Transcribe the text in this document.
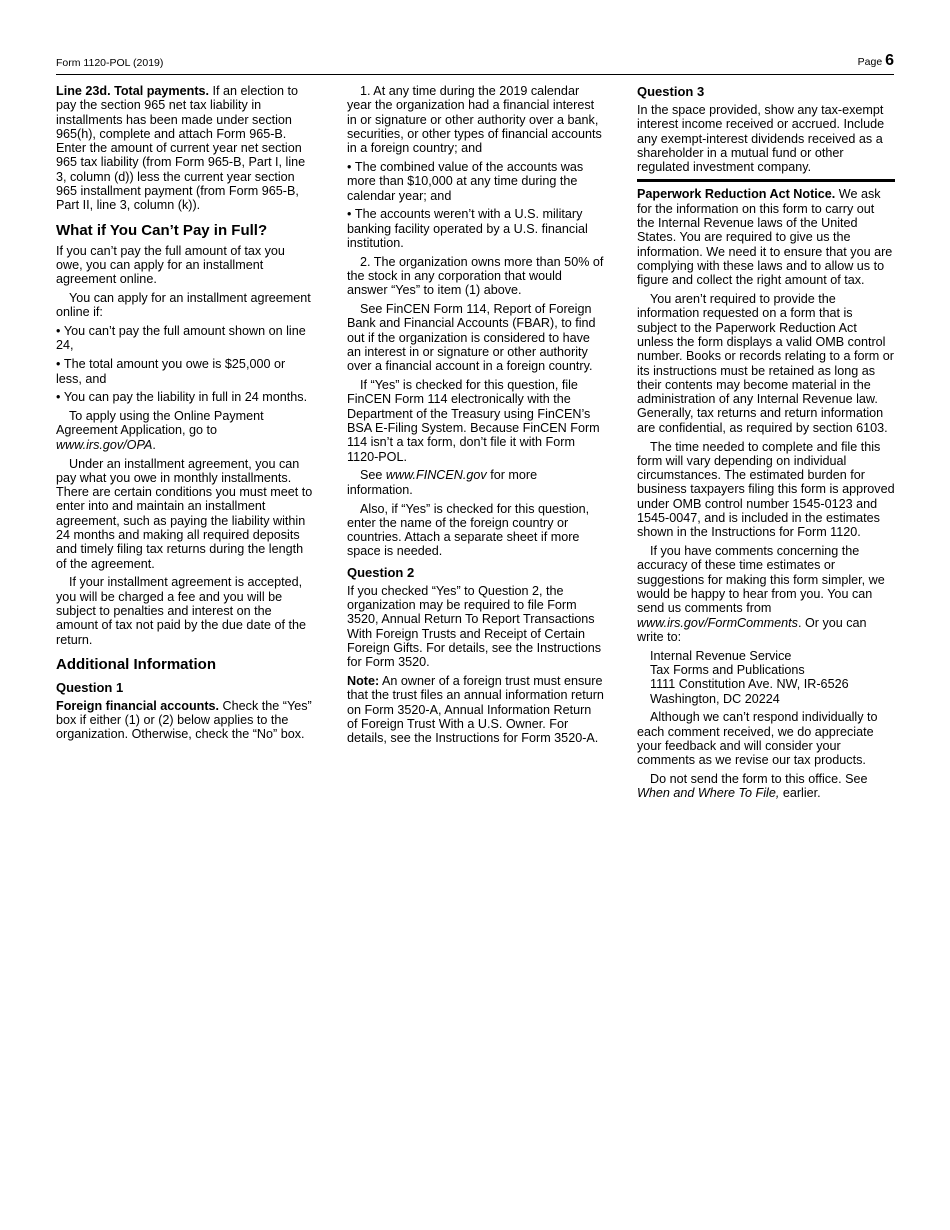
Form 1120-POL (2019)	Page 6

Line 23d. Total payments. If an election to pay the section 965 net tax liability in installments has been made under section 965(h), complete and attach Form 965-B. Enter the amount of current year net section 965 tax liability (from Form 965-B, Part I, line 3, column (d)) less the current year section 965 installment payment (from Form 965-B, Part II, line 3, column (k)).

What if You Can’t Pay in Full?

If you can’t pay the full amount of tax you owe, you can apply for an installment agreement online.

You can apply for an installment agreement online if:

• You can’t pay the full amount shown on line 24,

• The total amount you owe is $25,000 or less, and

• You can pay the liability in full in 24 months.

To apply using the Online Payment Agreement Application, go to www.irs.gov/OPA.

Under an installment agreement, you can pay what you owe in monthly installments. There are certain conditions you must meet to enter into and maintain an installment agreement, such as paying the liability within 24 months and making all required deposits and timely filing tax returns during the length of the agreement.

If your installment agreement is accepted, you will be charged a fee and you will be subject to penalties and interest on the amount of tax not paid by the due date of the return.

Additional Information
Question 1

Foreign financial accounts. Check the “Yes” box if either (1) or (2) below applies to the organization. Otherwise, check the “No” box.

1. At any time during the 2019 calendar year the organization had a financial interest in or signature or other authority over a bank, securities, or other types of financial accounts in a foreign country; and

• The combined value of the accounts was more than $10,000 at any time during the calendar year; and

• The accounts weren’t with a U.S. military banking facility operated by a U.S. financial institution.

2. The organization owns more than 50% of the stock in any corporation that would answer “Yes” to item (1) above.

See FinCEN Form 114, Report of Foreign Bank and Financial Accounts (FBAR), to find out if the organization is considered to have an interest in or signature or other authority over a financial account in a foreign country.

If “Yes” is checked for this question, file FinCEN Form 114 electronically with the Department of the Treasury using FinCEN’s BSA E-Filing System. Because FinCEN Form 114 isn’t a tax form, don’t file it with Form 1120-POL.

See www.FINCEN.gov for more information.

Also, if “Yes” is checked for this question, enter the name of the foreign country or countries. Attach a separate sheet if more space is needed.

Question 2

If you checked “Yes” to Question 2, the organization may be required to file Form 3520, Annual Return To Report Transactions With Foreign Trusts and Receipt of Certain Foreign Gifts. For details, see the Instructions for Form 3520.

Note: An owner of a foreign trust must ensure that the trust files an annual information return on Form 3520-A, Annual Information Return of Foreign Trust With a U.S. Owner. For details, see the Instructions for Form 3520-A.

Question 3

In the space provided, show any tax-exempt interest income received or accrued. Include any exempt-interest dividends received as a shareholder in a mutual fund or other regulated investment company.

Paperwork Reduction Act Notice. We ask for the information on this form to carry out the Internal Revenue laws of the United States. You are required to give us the information. We need it to ensure that you are complying with these laws and to allow us to figure and collect the right amount of tax.

You aren’t required to provide the information requested on a form that is subject to the Paperwork Reduction Act unless the form displays a valid OMB control number. Books or records relating to a form or its instructions must be retained as long as their contents may become material in the administration of any Internal Revenue law. Generally, tax returns and return information are confidential, as required by section 6103.

The time needed to complete and file this form will vary depending on individual circumstances. The estimated burden for business taxpayers filing this form is approved under OMB control number 1545-0123 and 1545-0047, and is included in the estimates shown in the Instructions for Form 1120.

If you have comments concerning the accuracy of these time estimates or suggestions for making this form simpler, we would be happy to hear from you. You can send us comments from www.irs.gov/FormComments. Or you can write to:

Internal Revenue Service
Tax Forms and Publications
1111 Constitution Ave. NW, IR-6526
Washington, DC 20224

Although we can’t respond individually to each comment received, we do appreciate your feedback and will consider your comments as we revise our tax products.

Do not send the form to this office. See When and Where To File, earlier.
